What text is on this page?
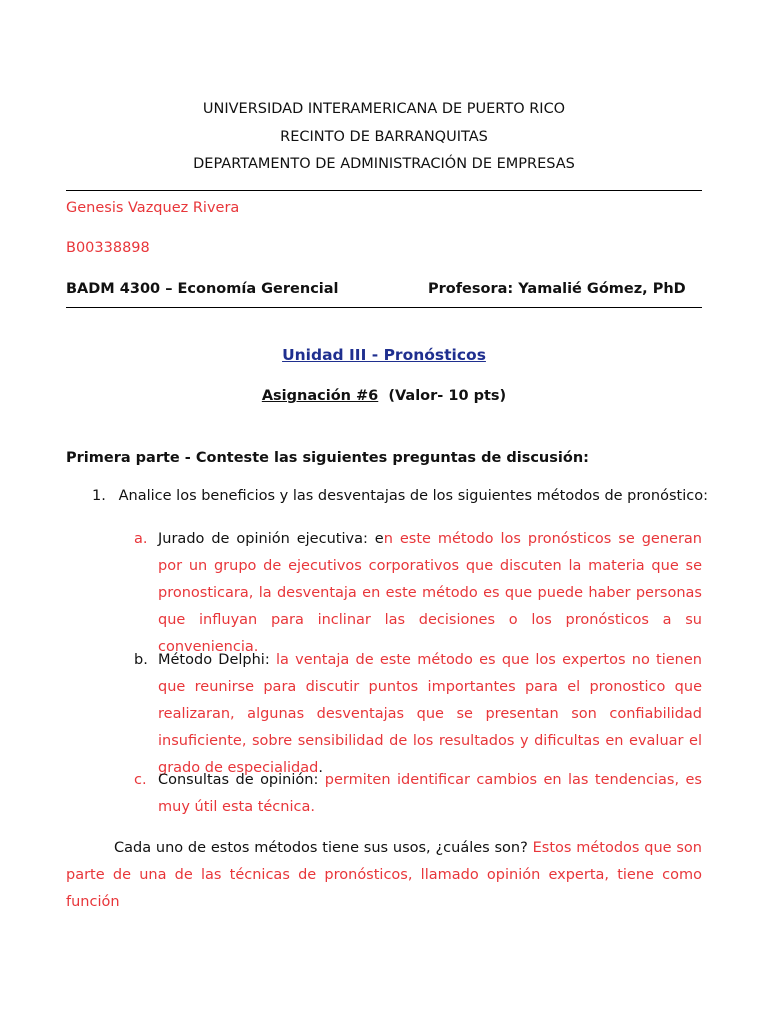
UNIVERSIDAD INTERAMERICANA DE PUERTO RICO
RECINTO DE BARRANQUITAS
DEPARTAMENTO DE ADMINISTRACIÓN DE EMPRESAS
Genesis Vazquez Rivera
B00338898
BADM 4300 – Economía Gerencial	Profesora: Yamalié Gómez, PhD
Unidad III - Pronósticos
Asignación #6 (Valor- 10 pts)
Primera parte - Conteste las siguientes preguntas de discusión:
1. Analice los beneficios y las desventajas de los siguientes métodos de pronóstico:
a. Jurado de opinión ejecutiva: en este método los pronósticos se generan por un grupo de ejecutivos corporativos que discuten la materia que se pronosticara, la desventaja en este método es que puede haber personas que influyan para inclinar las decisiones o los pronósticos a su conveniencia.
b. Método Delphi: la ventaja de este método es que los expertos no tienen que reunirse para discutir puntos importantes para el pronostico que realizaran, algunas desventajas que se presentan son confiabilidad insuficiente, sobre sensibilidad de los resultados y dificultas en evaluar el grado de especialidad.
c. Consultas de opinión: permiten identificar cambios en las tendencias, es muy útil esta técnica.
Cada uno de estos métodos tiene sus usos, ¿cuáles son? Estos métodos que son parte de una de las técnicas de pronósticos, llamado opinión experta, tiene como función
